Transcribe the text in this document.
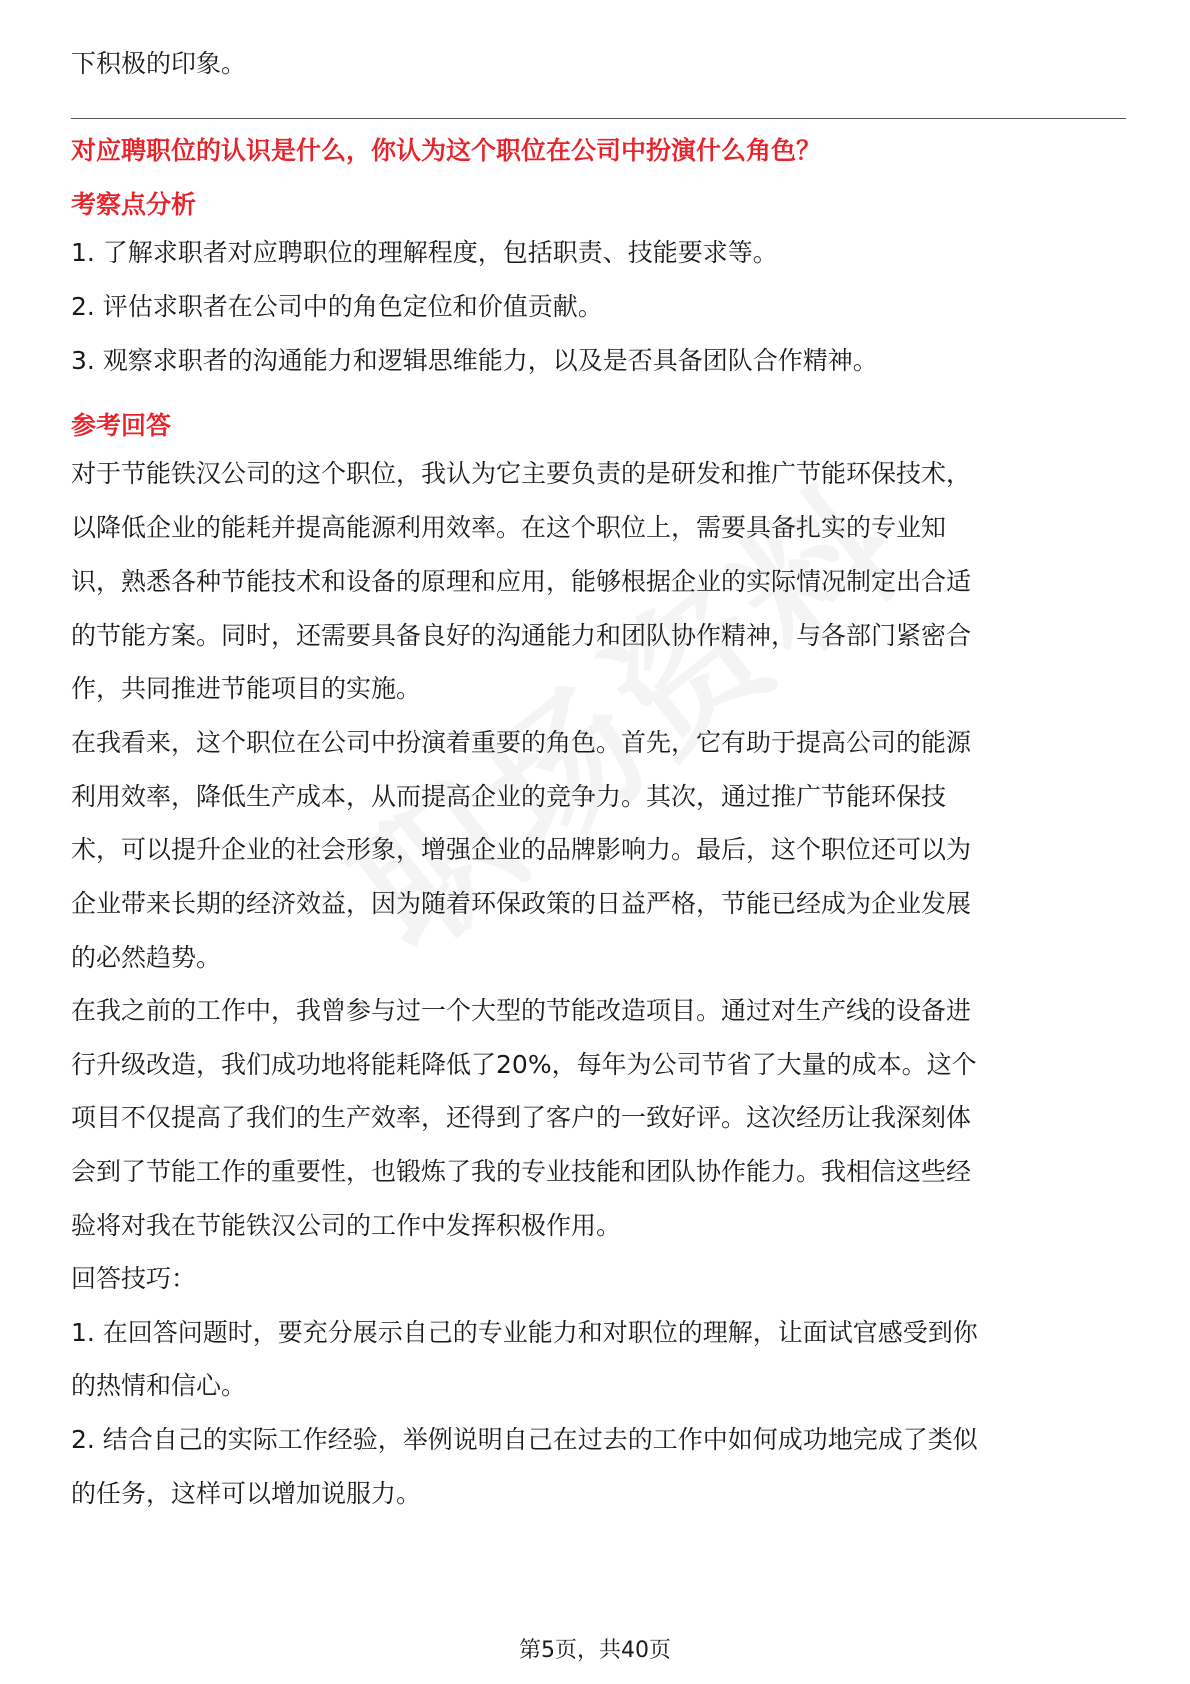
下积极的印象。
对应聘职位的认识是什么，你认为这个职位在公司中扮演什么角色？
考察点分析
1. 了解求职者对应聘职位的理解程度，包括职责、技能要求等。
2. 评估求职者在公司中的角色定位和价值贡献。
3. 观察求职者的沟通能力和逻辑思维能力，以及是否具备团队合作精神。
参考回答
对于节能铁汉公司的这个职位，我认为它主要负责的是研发和推广节能环保技术，
以降低企业的能耗并提高能源利用效率。在这个职位上，需要具备扎实的专业知
识，熟悉各种节能技术和设备的原理和应用，能够根据企业的实际情况制定出合适
的节能方案。同时，还需要具备良好的沟通能力和团队协作精神，与各部门紧密合
作，共同推进节能项目的实施。
在我看来，这个职位在公司中扮演着重要的角色。首先，它有助于提高公司的能源
利用效率，降低生产成本，从而提高企业的竞争力。其次，通过推广节能环保技
术，可以提升企业的社会形象，增强企业的品牌影响力。最后，这个职位还可以为
企业带来长期的经济效益，因为随着环保政策的日益严格，节能已经成为企业发展
的必然趋势。
在我之前的工作中，我曾参与过一个大型的节能改造项目。通过对生产线的设备进
行升级改造，我们成功地将能耗降低了20%，每年为公司节省了大量的成本。这个
项目不仅提高了我们的生产效率，还得到了客户的一致好评。这次经历让我深刻体
会到了节能工作的重要性，也锻炼了我的专业技能和团队协作能力。我相信这些经
验将对我在节能铁汉公司的工作中发挥积极作用。
回答技巧：
1. 在回答问题时，要充分展示自己的专业能力和对职位的理解，让面试官感受到你
的热情和信心。
2. 结合自己的实际工作经验，举例说明自己在过去的工作中如何成功地完成了类似
的任务，这样可以增加说服力。
第5页，共40页
